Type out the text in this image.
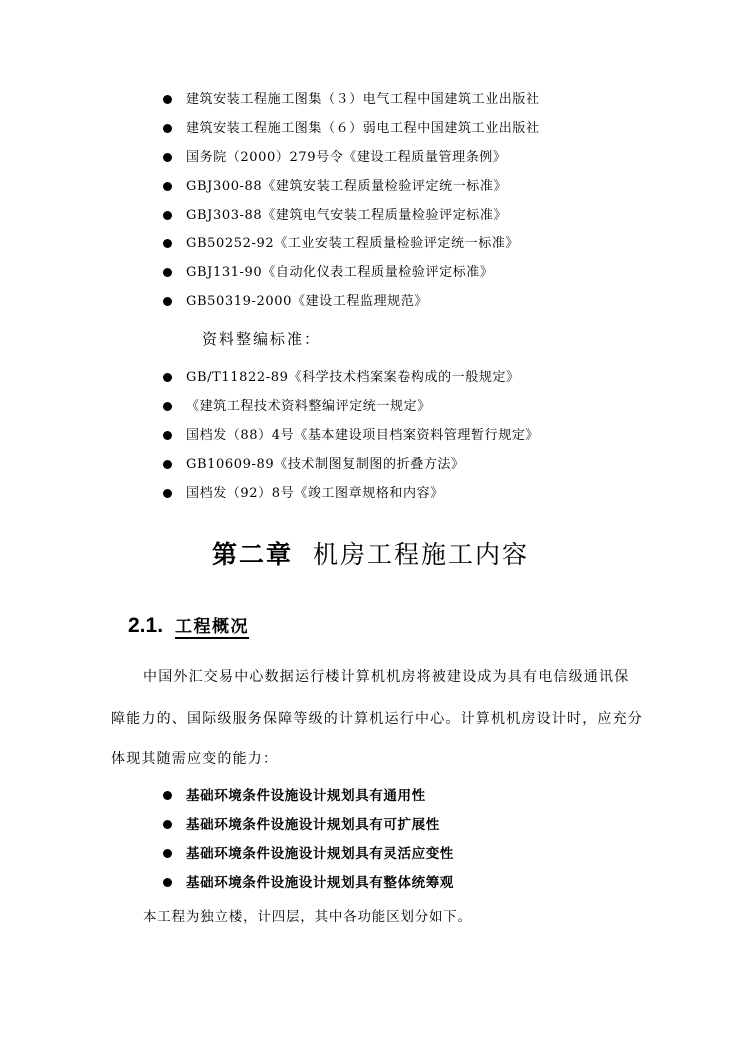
建筑安装工程施工图集（３）电气工程中国建筑工业出版社
建筑安装工程施工图集（６）弱电工程中国建筑工业出版社
国务院（2000）279号令《建设工程质量管理条例》
GBJ300-88《建筑安装工程质量检验评定统一标准》
GBJ303-88《建筑电气安装工程质量检验评定标准》
GB50252-92《工业安装工程质量检验评定统一标准》
GBJ131-90《自动化仪表工程质量检验评定标准》
GB50319-2000《建设工程监理规范》
资料整编标准：
GB/T11822-89《科学技术档案案卷构成的一般规定》
《建筑工程技术资料整编评定统一规定》
国档发（88）4号《基本建设项目档案资料管理暂行规定》
GB10609-89《技术制图复制图的折叠方法》
国档发（92）8号《竣工图章规格和内容》
第二章 机房工程施工内容
2.1. 工程概况
中国外汇交易中心数据运行楼计算机机房将被建设成为具有电信级通讯保
障能力的、国际级服务保障等级的计算机运行中心。计算机机房设计时，应充分
体现其随需应变的能力：
基础环境条件设施设计规划具有通用性
基础环境条件设施设计规划具有可扩展性
基础环境条件设施设计规划具有灵活应变性
基础环境条件设施设计规划具有整体统筹观
本工程为独立楼，计四层，其中各功能区划分如下。
